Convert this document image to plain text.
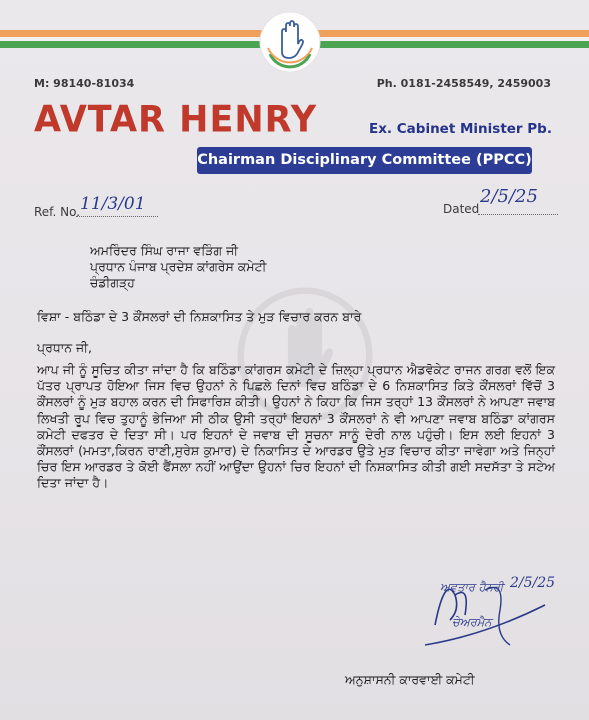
M: 98140-81034	Ph. 0181-2458549, 2459003
AVTAR HENRY	Ex. Cabinet Minister Pb.
Chairman Disciplinary Committee (PPCC)
Ref. No. 11/3/01	Dated
2/5/25
ਅਮਰਿੰਦਰ ਸਿੰਘ ਰਾਜਾ ਵੜਿੰਗ ਜੀ
ਪ੍ਰਧਾਨ ਪੰਜਾਬ ਪ੍ਰਦੇਸ਼ ਕਾਂਗਰੇਸ ਕਮੇਟੀ
ਚੰਡੀਗੜ੍ਹ
ਵਿਸ਼ਾ - ਬਠਿੰਡਾ ਦੇ 3 ਕੌਂਸਲਰਾਂ ਦੀ ਨਿਸ਼ਕਾਸਿਤ ਤੇ ਮੁੜ ਵਿਚਾਰ ਕਰਨ ਬਾਰੇ
ਪ੍ਰਧਾਨ ਜੀ,
ਆਪ ਜੀ ਨੂੰ ਸੂਚਿਤ ਕੀਤਾ ਜਾਂਦਾ ਹੈ ਕਿ ਬਠਿੰਡਾ ਕਾਂਗਰਸ ਕਮੇਟੀ ਦੇ ਜ਼ਿਲ੍ਹਾ ਪ੍ਰਧਾਨ ਐਡਵੋਕੇਟ ਰਾਜਨ ਗਰਗ ਵਲੋਂ ਇਕ ਪੱਤਰ ਪ੍ਰਾਪਤ ਹੋਇਆ ਜਿਸ ਵਿਚ ਉਹਨਾਂ ਨੇ ਪਿਛਲੇ ਦਿਨਾਂ ਵਿਚ ਬਠਿੰਡਾ ਦੇ 6 ਨਿਸ਼ਕਾਸਿਤ ਕਿਤੇ ਕੌਂਸਲਰਾਂ ਵਿੱਚੋਂ 3 ਕੌਂਸਲਰਾਂ ਨੂੰ ਮੁੜ ਬਹਾਲ ਕਰਨ ਦੀ ਸਿਫਾਰਿਸ਼ ਕੀਤੀ। ਉਹਨਾਂ ਨੇ ਕਿਹਾ ਕਿ ਜਿਸ ਤਰ੍ਹਾਂ 13 ਕੌਂਸਲਰਾਂ ਨੇ ਆਪਣਾ ਜਵਾਬ ਲਿਖਤੀ ਰੂਪ ਵਿਚ ਤੁਹਾਨੂੰ ਭੇਜਿਆ ਸੀ ਠੀਕ ਉਸੀ ਤਰ੍ਹਾਂ ਇਹਨਾਂ 3 ਕੌਂਸਲਰਾਂ ਨੇ ਵੀ ਆਪਣਾ ਜਵਾਬ ਬਠਿੰਡਾ ਕਾਂਗਰਸ ਕਮੇਟੀ ਦਫਤਰ ਦੇ ਦਿਤਾ ਸੀ। ਪਰ ਇਹਨਾਂ ਦੇ ਜਵਾਬ ਦੀ ਸੂਚਨਾ ਸਾਨੂੰ ਦੇਰੀ ਨਾਲ ਪਹੁੰਚੀ। ਇਸ ਲਈ ਇਹਨਾਂ 3 ਕੌਂਸਲਰਾਂ (ਮਮਤਾ,ਕਿਰਨ ਰਾਣੀ,ਸੁਰੇਸ਼ ਕੁਮਾਰ) ਦੇ ਨਿਕਾਸਿਤ ਦੇ ਆਰਡਰ ਉਤੇ ਮੁੜ ਵਿਚਾਰ ਕੀਤਾ ਜਾਵੇਗਾ ਅਤੇ ਜਿਨ੍ਹਾਂ ਚਿਰ ਇਸ ਆਰਡਰ ਤੇ ਕੋਈ ਫੈਂਸਲਾ ਨਹੀਂ ਆਉਂਦਾ ਉਹਨਾਂ ਚਿਰ ਇਹਨਾਂ ਦੀ ਨਿਸ਼ਕਾਸਿਤ ਕੀਤੀ ਗਈ ਸਦਸੱਤਾ ਤੇ ਸਟੇਅ ਦਿਤਾ ਜਾਂਦਾ ਹੈ।
2/5/25
ਅਵਤਾਰ ਹੈਨਰੀ
ਚੇਅਰਮੈਨ
ਅਨੁਸ਼ਾਸਨੀ ਕਾਰਵਾਈ ਕਮੇਟੀ
